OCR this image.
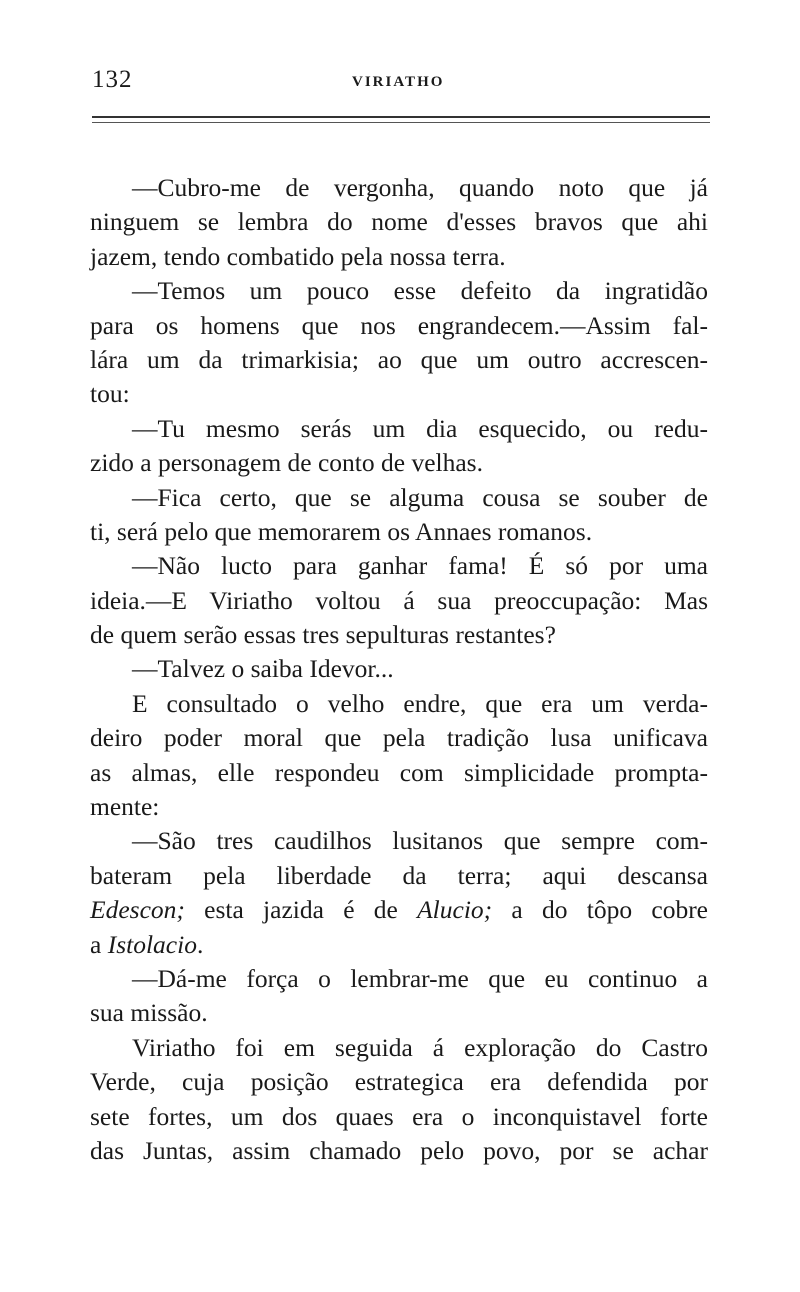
132	VIRIATHO
—Cubro-me de vergonha, quando noto que já
ninguem se lembra do nome d'esses bravos que ahi
jazem, tendo combatido pela nossa terra.
—Temos um pouco esse defeito da ingratidão
para os homens que nos engrandecem.—Assim fal-
lára um da trimarkisia; ao que um outro accrescen-
tou:
—Tu mesmo serás um dia esquecido, ou redu-
zido a personagem de conto de velhas.
—Fica certo, que se alguma cousa se souber de
ti, será pelo que memorarem os Annaes romanos.
—Não lucto para ganhar fama! É só por uma
ideia.—E Viriatho voltou á sua preoccupação: Mas
de quem serão essas tres sepulturas restantes?
—Talvez o saiba Idevor...
E consultado o velho endre, que era um verda-
deiro poder moral que pela tradição lusa unificava
as almas, elle respondeu com simplicidade prompta-
mente:
—São tres caudilhos lusitanos que sempre com-
bateram pela liberdade da terra; aqui descansa
Edescon; esta jazida é de Alucio; a do tôpo cobre
a Istolacio.
—Dá-me força o lembrar-me que eu continuo a
sua missão.
Viriatho foi em seguida á exploração do Castro
Verde, cuja posição estrategica era defendida por
sete fortes, um dos quaes era o inconquistavel forte
das Juntas, assim chamado pelo povo, por se achar
